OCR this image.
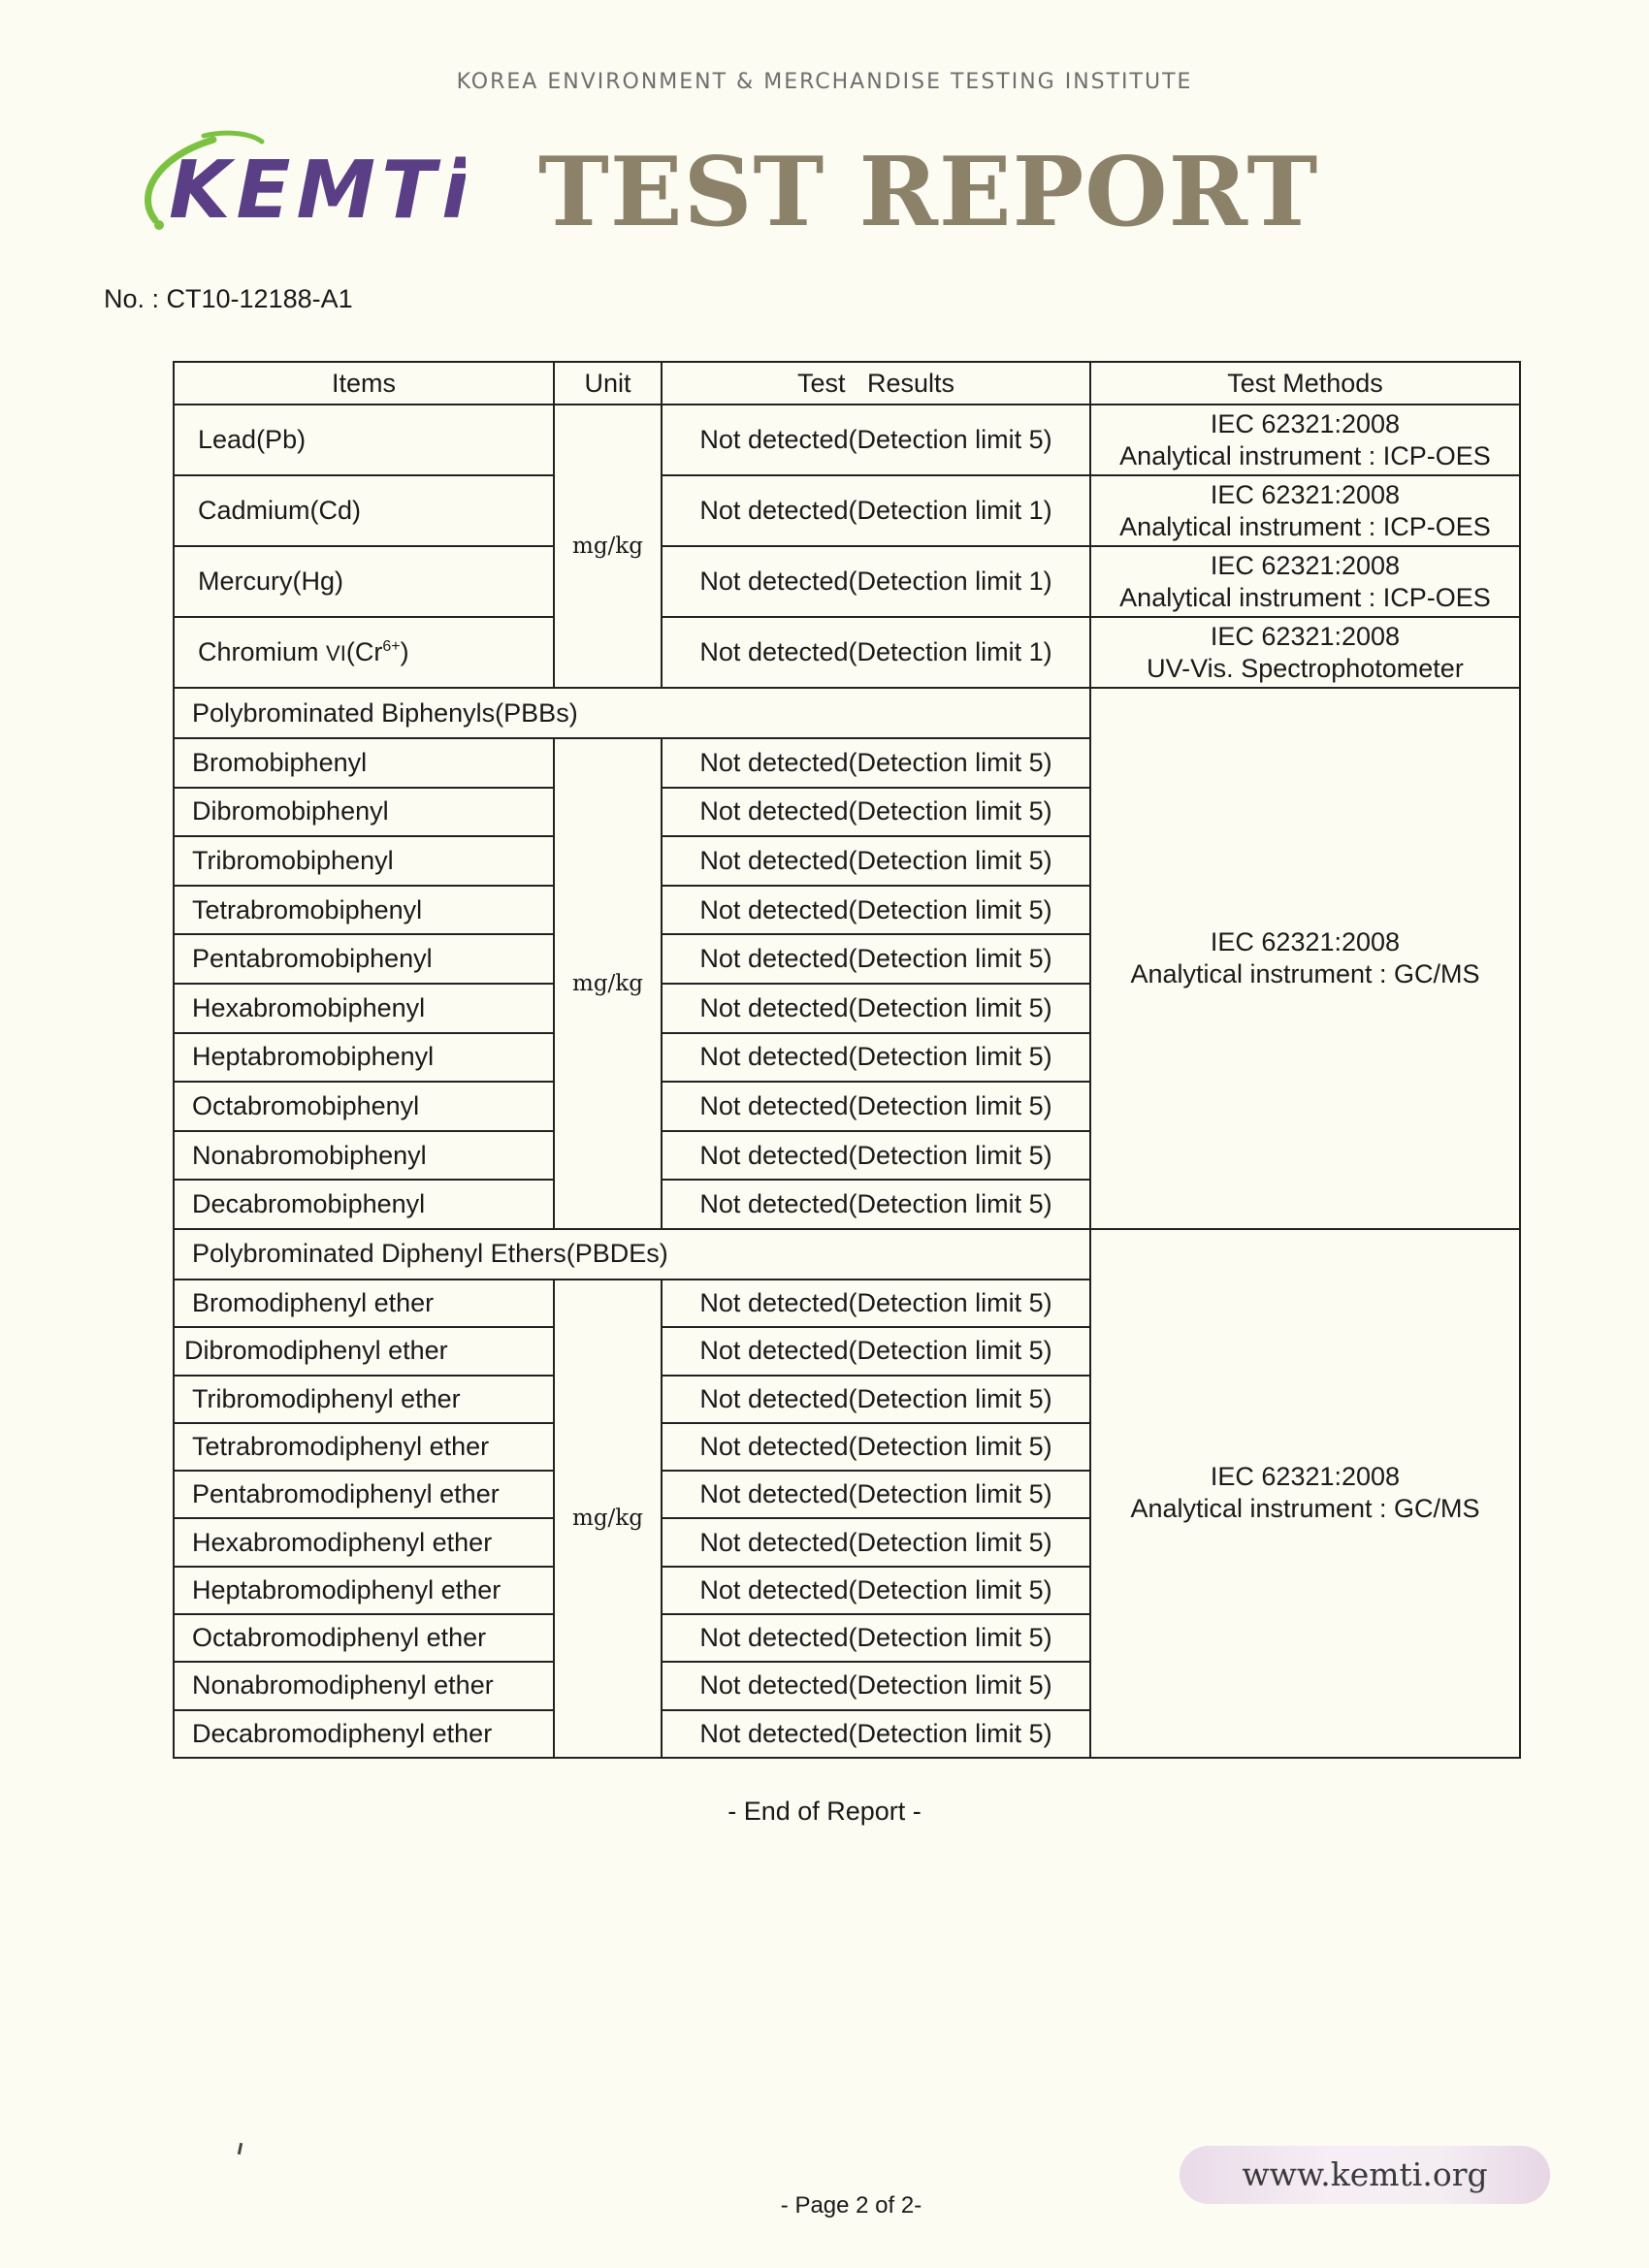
KOREA ENVIRONMENT & MERCHANDISE TESTING INSTITUTE
KEMTi TEST REPORT
No. : CT10-12188-A1
Items	Unit	Test   Results	Test Methods
Lead(Pb)	mg/kg	Not detected(Detection limit 5)	IEC 62321:2008
Analytical instrument : ICP-OES

Cadmium(Cd)		Not detected(Detection limit 1)	IEC 62321:2008
Analytical instrument : ICP-OES

Mercury(Hg)		Not detected(Detection limit 1)	IEC 62321:2008
Analytical instrument : ICP-OES

Chromium $VI(Cr^{6+})$		Not detected(Detection limit 1)	IEC 62321:2008
UV-Vis. Spectrophotometer

Polybrominated Biphenyls(PBBs)			IEC 62321:2008
Analytical instrument : GC/MS

Bromobiphenyl	mg/kg	Not detected(Detection limit 5)	
Dibromobiphenyl		Not detected(Detection limit 5)	
Tribromobiphenyl		Not detected(Detection limit 5)	
Tetrabromobiphenyl		Not detected(Detection limit 5)	
Pentabromobiphenyl		Not detected(Detection limit 5)	
Hexabromobiphenyl		Not detected(Detection limit 5)	
Heptabromobiphenyl		Not detected(Detection limit 5)	
Octabromobiphenyl		Not detected(Detection limit 5)	
Nonabromobiphenyl		Not detected(Detection limit 5)	
Decabromobiphenyl		Not detected(Detection limit 5)	
Polybrominated Diphenyl Ethers(PBDEs)			IEC 62321:2008
Analytical instrument : GC/MS

Bromodiphenyl ether	mg/kg	Not detected(Detection limit 5)	
Dibromodiphenyl ether		Not detected(Detection limit 5)	
Tribromodiphenyl ether		Not detected(Detection limit 5)	
Tetrabromodiphenyl ether		Not detected(Detection limit 5)	
Pentabromodiphenyl ether		Not detected(Detection limit 5)	
Hexabromodiphenyl ether		Not detected(Detection limit 5)	
Heptabromodiphenyl ether		Not detected(Detection limit 5)	
Octabromodiphenyl ether		Not detected(Detection limit 5)	
Nonabromodiphenyl ether		Not detected(Detection limit 5)	
Decabromodiphenyl ether		Not detected(Detection limit 5)	
- End of Report -
www.kemti.org
- Page 2 of 2-
